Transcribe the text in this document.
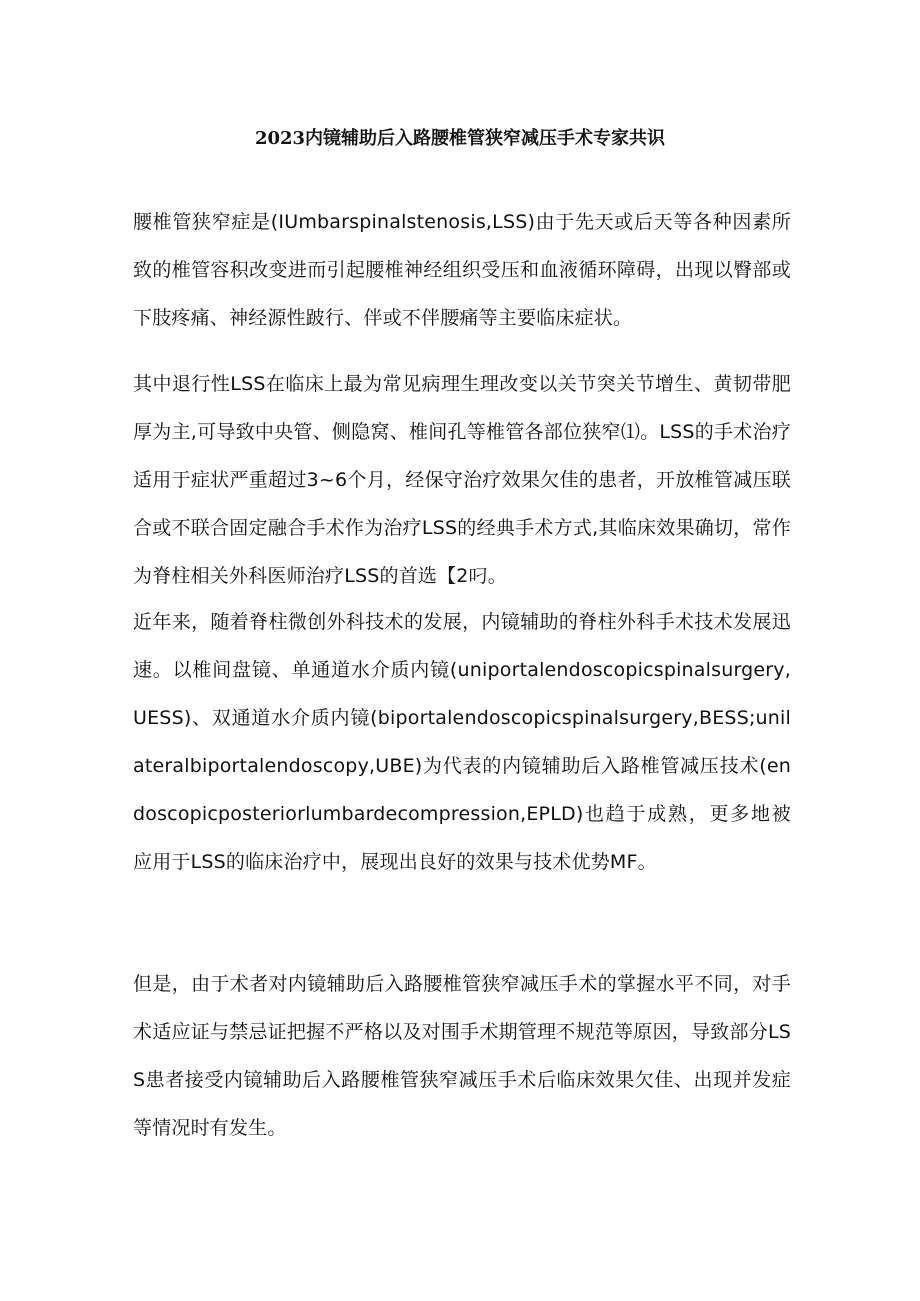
2023内镜辅助后入路腰椎管狭窄减压手术专家共识

腰椎管狭窄症是(IUmbarspinalstenosis,LSS)由于先天或后天等各种因素所致的椎管容积改变进而引起腰椎神经组织受压和血液循环障碍，出现以臀部或下肢疼痛、神经源性跛行、伴或不伴腰痛等主要临床症状。

其中退行性LSS在临床上最为常见病理生理改变以关节突关节增生、黄韧带肥厚为主,可导致中央管、侧隐窝、椎间孔等椎管各部位狭窄⑴。LSS的手术治疗适用于症状严重超过3~6个月，经保守治疗效果欠佳的患者，开放椎管减压联合或不联合固定融合手术作为治疗LSS的经典手术方式,其临床效果确切，常作为脊柱相关外科医师治疗LSS的首选【2叼。

近年来，随着脊柱微创外科技术的发展，内镜辅助的脊柱外科手术技术发展迅速。以椎间盘镜、单通道水介质内镜(uniportalendoscopicspinalsurgery,UESS)、双通道水介质内镜(biportalendoscopicspinalsurgery,BESS;unilateralbiportalendoscopy,UBE)为代表的内镜辅助后入路椎管减压技术(endoscopicposteriorlumbardecompression,EPLD)也趋于成熟，更多地被应用于LSS的临床治疗中，展现出良好的效果与技术优势MF。

但是，由于术者对内镜辅助后入路腰椎管狭窄减压手术的掌握水平不同，对手术适应证与禁忌证把握不严格以及对围手术期管理不规范等原因，导致部分LSS患者接受内镜辅助后入路腰椎管狭窄减压手术后临床效果欠佳、出现并发症等情况时有发生。
